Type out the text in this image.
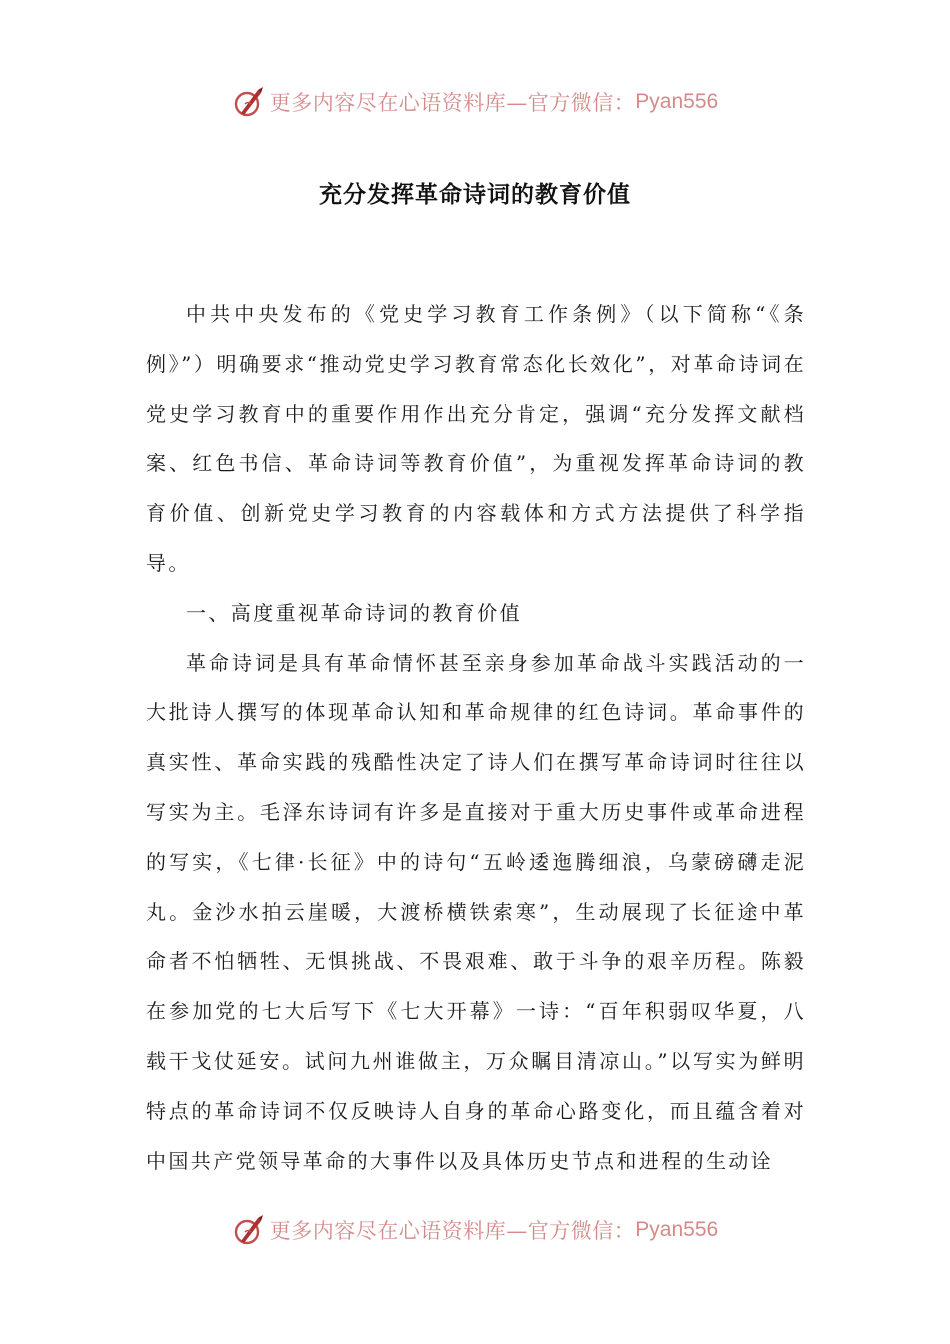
更多内容尽在心语资料库—官方微信： Pyan556
充分发挥革命诗词的教育价值

中共中央发布的《党史学习教育工作条例》（以下简称“《条例》”）明确要求“推动党史学习教育常态化长效化”，对革命诗词在党史学习教育中的重要作用作出充分肯定，强调“充分发挥文献档案、红色书信、革命诗词等教育价值”，为重视发挥革命诗词的教育价值、创新党史学习教育的内容载体和方式方法提供了科学指导。

一、高度重视革命诗词的教育价值

革命诗词是具有革命情怀甚至亲身参加革命战斗实践活动的一大批诗人撰写的体现革命认知和革命规律的红色诗词。革命事件的真实性、革命实践的残酷性决定了诗人们在撰写革命诗词时往往以写实为主。毛泽东诗词有许多是直接对于重大历史事件或革命进程的写实，《七律·长征》中的诗句“五岭逶迤腾细浪，乌蒙磅礴走泥丸。金沙水拍云崖暖，大渡桥横铁索寒”，生动展现了长征途中革命者不怕牺牲、无惧挑战、不畏艰难、敢于斗争的艰辛历程。陈毅在参加党的七大后写下《七大开幕》一诗：“百年积弱叹华夏，八载干戈仗延安。试问九州谁做主，万众瞩目清凉山。”以写实为鲜明特点的革命诗词不仅反映诗人自身的革命心路变化，而且蕴含着对中国共产党领导革命的大事件以及具体历史节点和进程的生动诠

更多内容尽在心语资料库—官方微信： Pyan556
